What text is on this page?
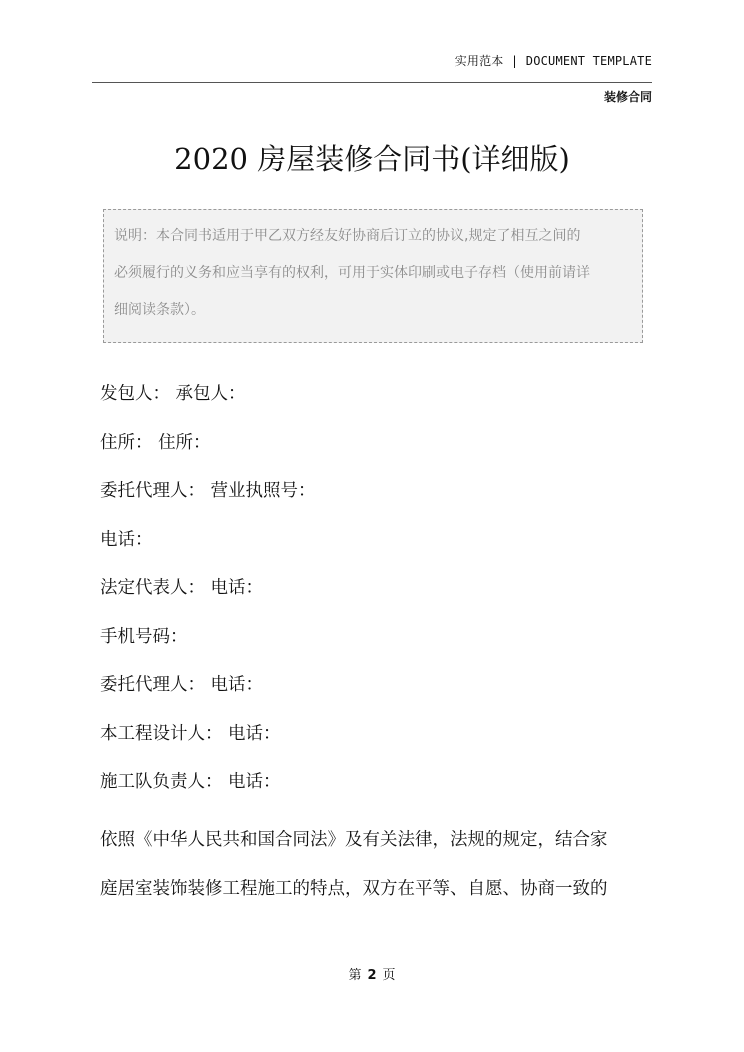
实用范本 | DOCUMENT TEMPLATE
装修合同
2020 房屋装修合同书(详细版)
说明：本合同书适用于甲乙双方经友好协商后订立的协议,规定了相互之间的
必须履行的义务和应当享有的权利，可用于实体印刷或电子存档（使用前请详
细阅读条款）。
发包人： 承包人：
住所： 住所：
委托代理人： 营业执照号：
电话：
法定代表人： 电话：
手机号码：
委托代理人： 电话：
本工程设计人： 电话：
施工队负责人： 电话：
依照《中华人民共和国合同法》及有关法律，法规的规定，结合家
庭居室装饰装修工程施工的特点，双方在平等、自愿、协商一致的
第 2 页
